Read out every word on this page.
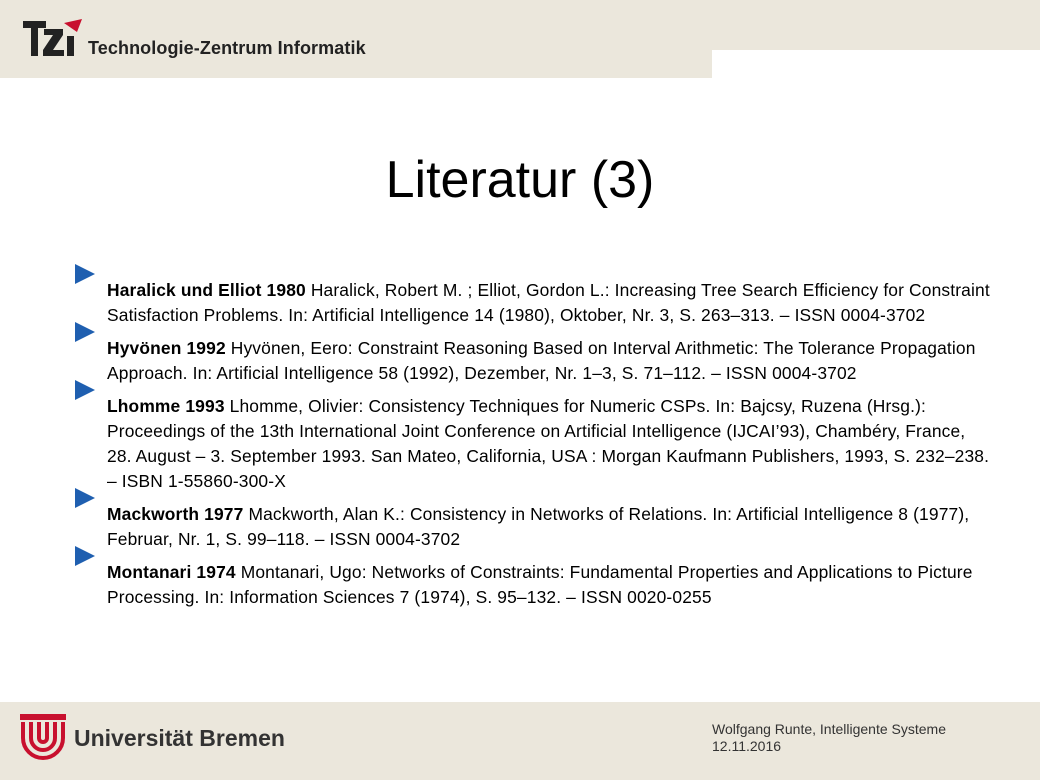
Technologie-Zentrum Informatik
Literatur (3)
Haralick und Elliot 1980 Haralick, Robert M. ; Elliot, Gordon L.: Increasing Tree Search Efficiency for Constraint Satisfaction Problems. In: Artificial Intelligence 14 (1980), Oktober, Nr. 3, S. 263–313. – ISSN 0004-3702
Hyvönen 1992 Hyvönen, Eero: Constraint Reasoning Based on Interval Arithmetic: The Tolerance Propagation Approach. In: Artificial Intelligence 58 (1992), Dezember, Nr. 1–3, S. 71–112. – ISSN 0004-3702
Lhomme 1993 Lhomme, Olivier: Consistency Techniques for Numeric CSPs. In: Bajcsy, Ruzena (Hrsg.): Proceedings of the 13th International Joint Conference on Artificial Intelligence (IJCAI’93), Chambéry, France, 28. August – 3. September 1993. San Mateo, California, USA : Morgan Kaufmann Publishers, 1993, S. 232–238. – ISBN 1-55860-300-X
Mackworth 1977 Mackworth, Alan K.: Consistency in Networks of Relations. In: Artificial Intelligence 8 (1977), Februar, Nr. 1, S. 99–118. – ISSN 0004-3702
Montanari 1974 Montanari, Ugo: Networks of Constraints: Fundamental Properties and Applications to Picture Processing. In: Information Sciences 7 (1974), S. 95–132. – ISSN 0020-0255
Universität Bremen	Wolfgang Runte, Intelligente Systeme
12.11.2016
